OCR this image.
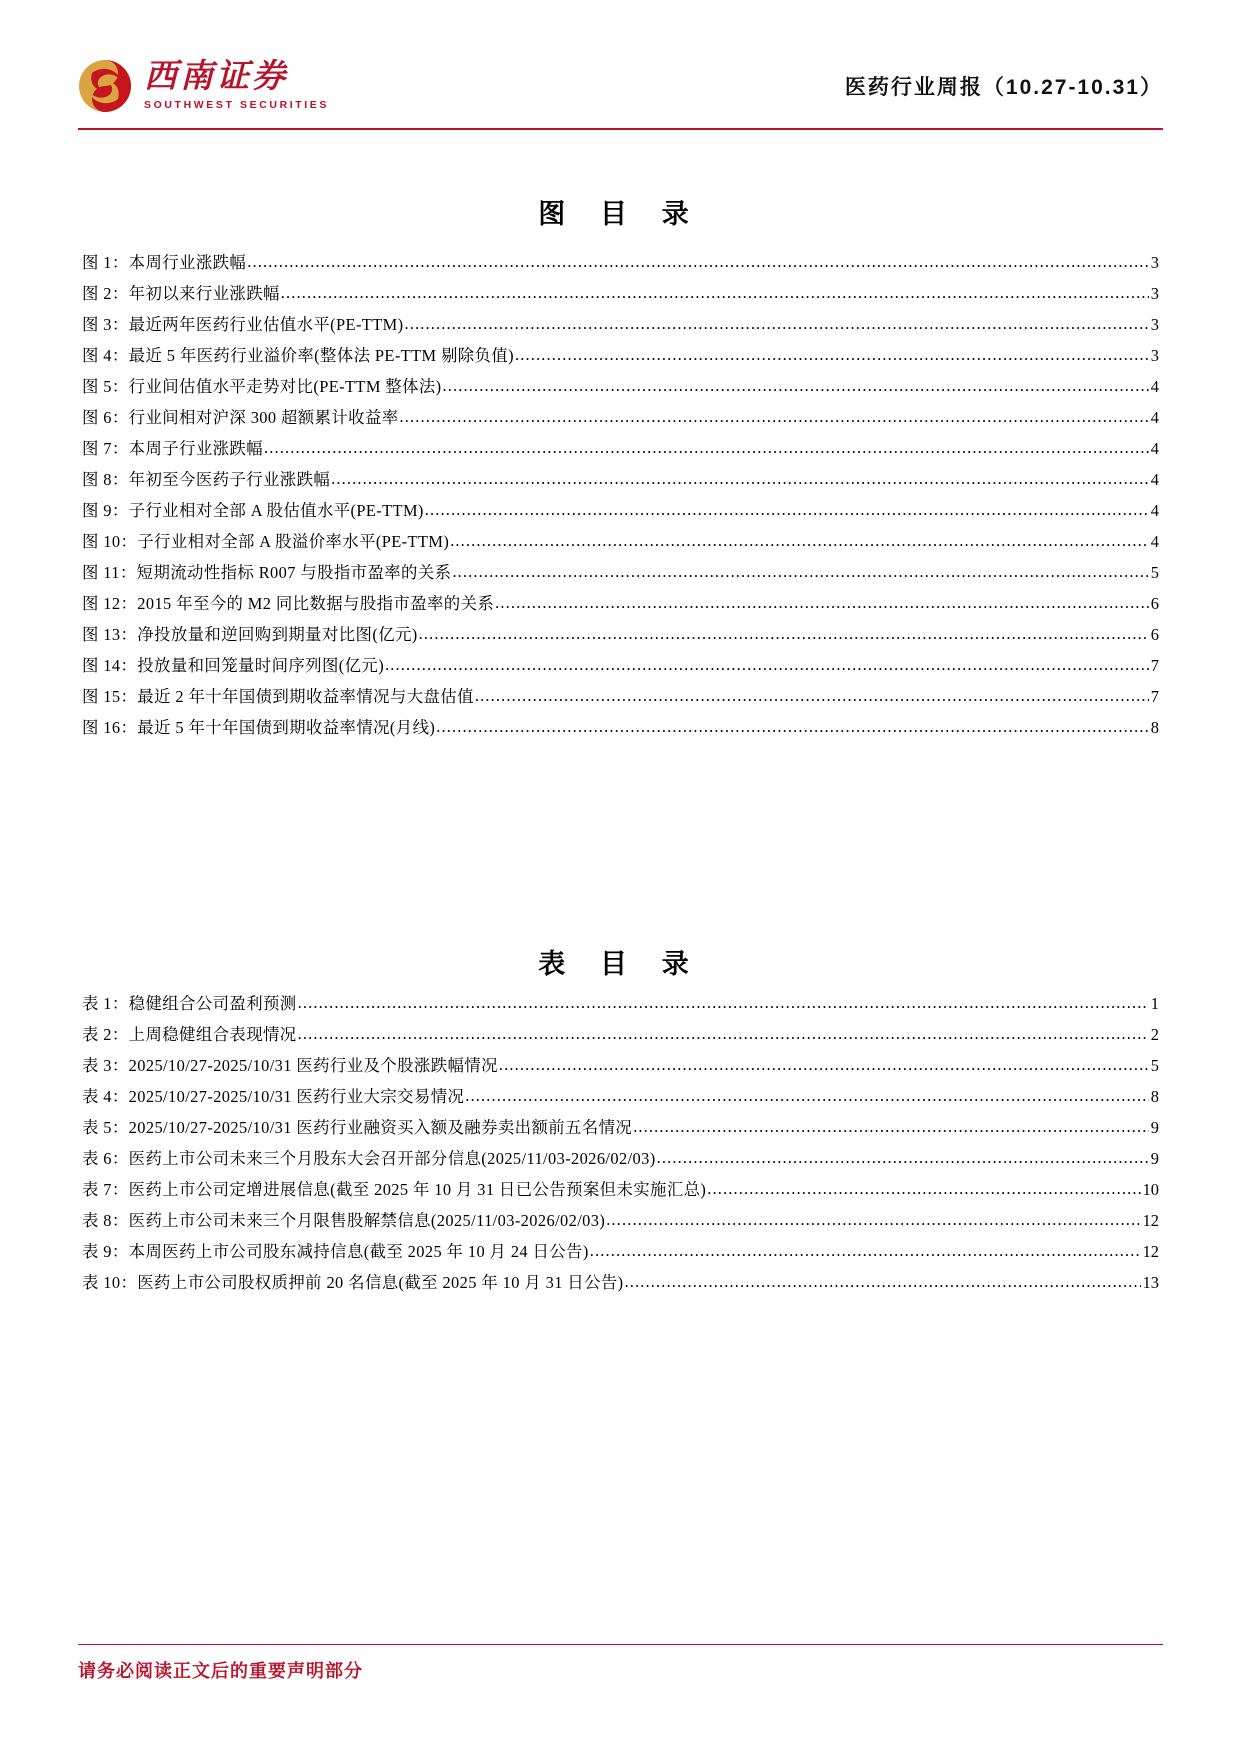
西南证券
SOUTHWEST SECURITIES
医药行业周报（10.27-10.31）
图 目 录
图 1：本周行业涨跌幅 .....	3
图 2：年初以来行业涨跌幅 .....	3
图 3：最近两年医药行业估值水平(PE-TTM) .....	3
图 4：最近 5 年医药行业溢价率(整体法 PE-TTM 剔除负值) .....	3
图 5：行业间估值水平走势对比(PE-TTM 整体法) .....	4
图 6：行业间相对沪深 300 超额累计收益率 .....	4
图 7：本周子行业涨跌幅 .....	4
图 8：年初至今医药子行业涨跌幅 .....	4
图 9：子行业相对全部 A 股估值水平(PE-TTM) .....	4
图 10：子行业相对全部 A 股溢价率水平(PE-TTM) .....	4
图 11：短期流动性指标 R007 与股指市盈率的关系 .....	5
图 12：2015 年至今的 M2 同比数据与股指市盈率的关系 .....	6
图 13：净投放量和逆回购到期量对比图(亿元) .....	6
图 14：投放量和回笼量时间序列图(亿元) .....	7
图 15：最近 2 年十年国债到期收益率情况与大盘估值 .....	7
图 16：最近 5 年十年国债到期收益率情况(月线) .....	8
表 目 录
表 1：稳健组合公司盈利预测 .....	1
表 2：上周稳健组合表现情况 .....	2
表 3：2025/10/27-2025/10/31 医药行业及个股涨跌幅情况 .....	5
表 4：2025/10/27-2025/10/31 医药行业大宗交易情况 .....	8
表 5：2025/10/27-2025/10/31 医药行业融资买入额及融券卖出额前五名情况 .....	9
表 6：医药上市公司未来三个月股东大会召开部分信息(2025/11/03-2026/02/03) .....	9
表 7：医药上市公司定增进展信息(截至 2025 年 10 月 31 日已公告预案但未实施汇总) .....	10
表 8：医药上市公司未来三个月限售股解禁信息(2025/11/03-2026/02/03) .....	12
表 9：本周医药上市公司股东减持信息(截至 2025 年 10 月 24 日公告) .....	12
表 10：医药上市公司股权质押前 20 名信息(截至 2025 年 10 月 31 日公告) .....	13
请务必阅读正文后的重要声明部分
